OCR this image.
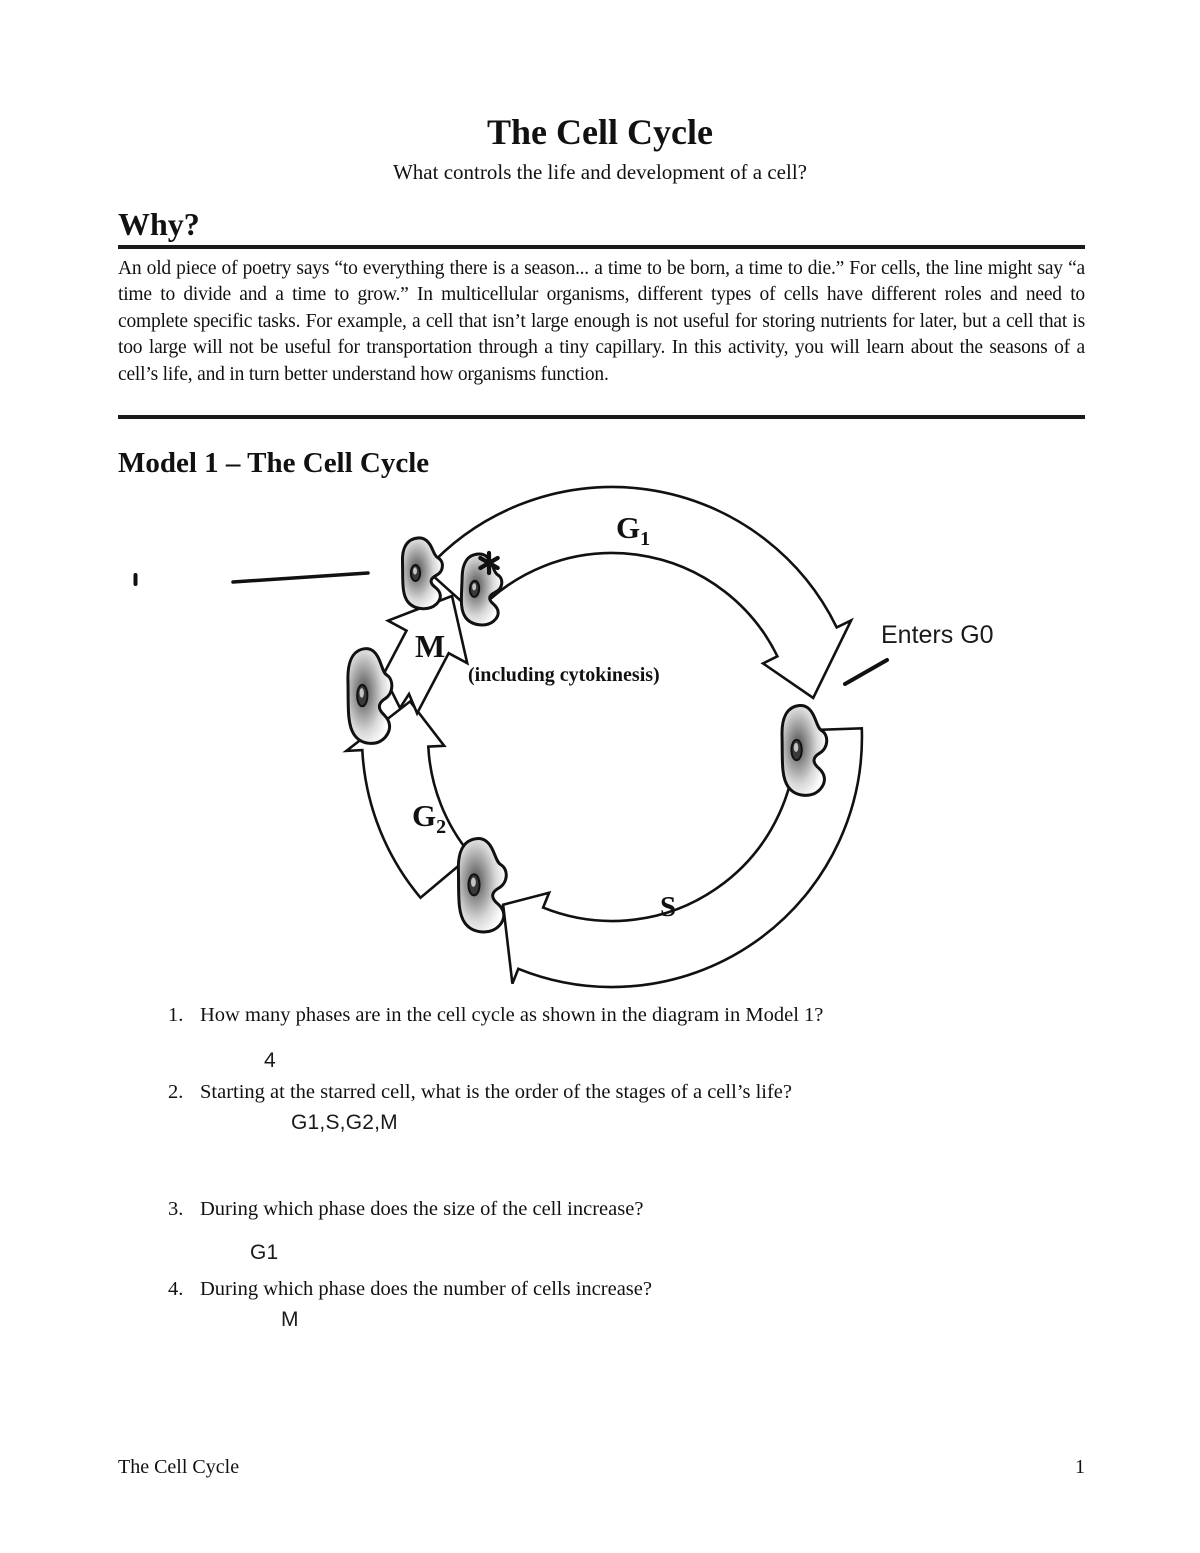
The Cell Cycle
What controls the life and development of a cell?
Why?
An old piece of poetry says “to everything there is a season... a time to be born, a time to die.” For cells, the line might say “a time to divide and a time to grow.” In multicellular organisms, different types of cells have different roles and need to complete specific tasks. For example, a cell that isn’t large enough is not useful for storing nutrients for later, but a cell that is too large will not be useful for transportation through a tiny capillary. In this activity, you will learn about the seasons of a cell’s life, and in turn better understand how organisms function.
Model 1 – The Cell Cycle
$G_1$
S
$G_2$
M
(including cytokinesis)
Enters G0
1. How many phases are in the cell cycle as shown in the diagram in Model 1?
4
2. Starting at the starred cell, what is the order of the stages of a cell’s life?
G1,S,G2,M
3. During which phase does the size of the cell increase?
G1
4. During which phase does the number of cells increase?
M
The Cell Cycle	1
